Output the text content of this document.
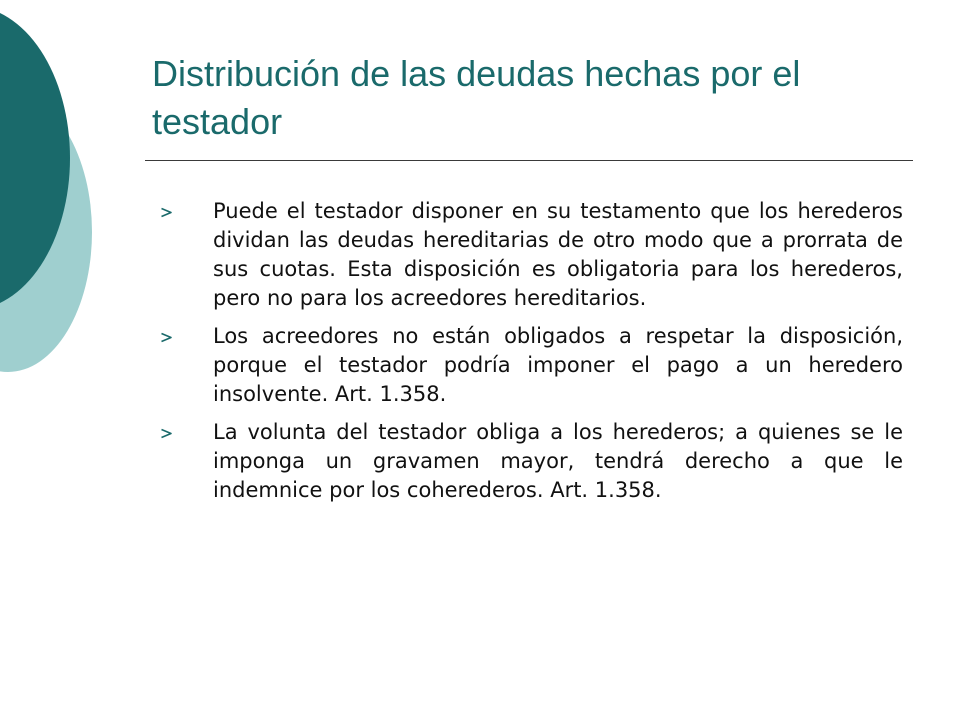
Distribución de las deudas hechas por el testador
Puede el testador disponer en su testamento que los herederos dividan las deudas hereditarias de otro modo que a prorrata de sus cuotas. Esta disposición es obligatoria para los herederos, pero no para los acreedores hereditarios.
Los acreedores no están obligados a respetar la disposición, porque el testador podría imponer el pago a un heredero insolvente. Art. 1.358.
La volunta del testador obliga a los herederos; a quienes se le imponga un gravamen mayor, tendrá derecho a que le indemnice por los coherederos. Art. 1.358.
